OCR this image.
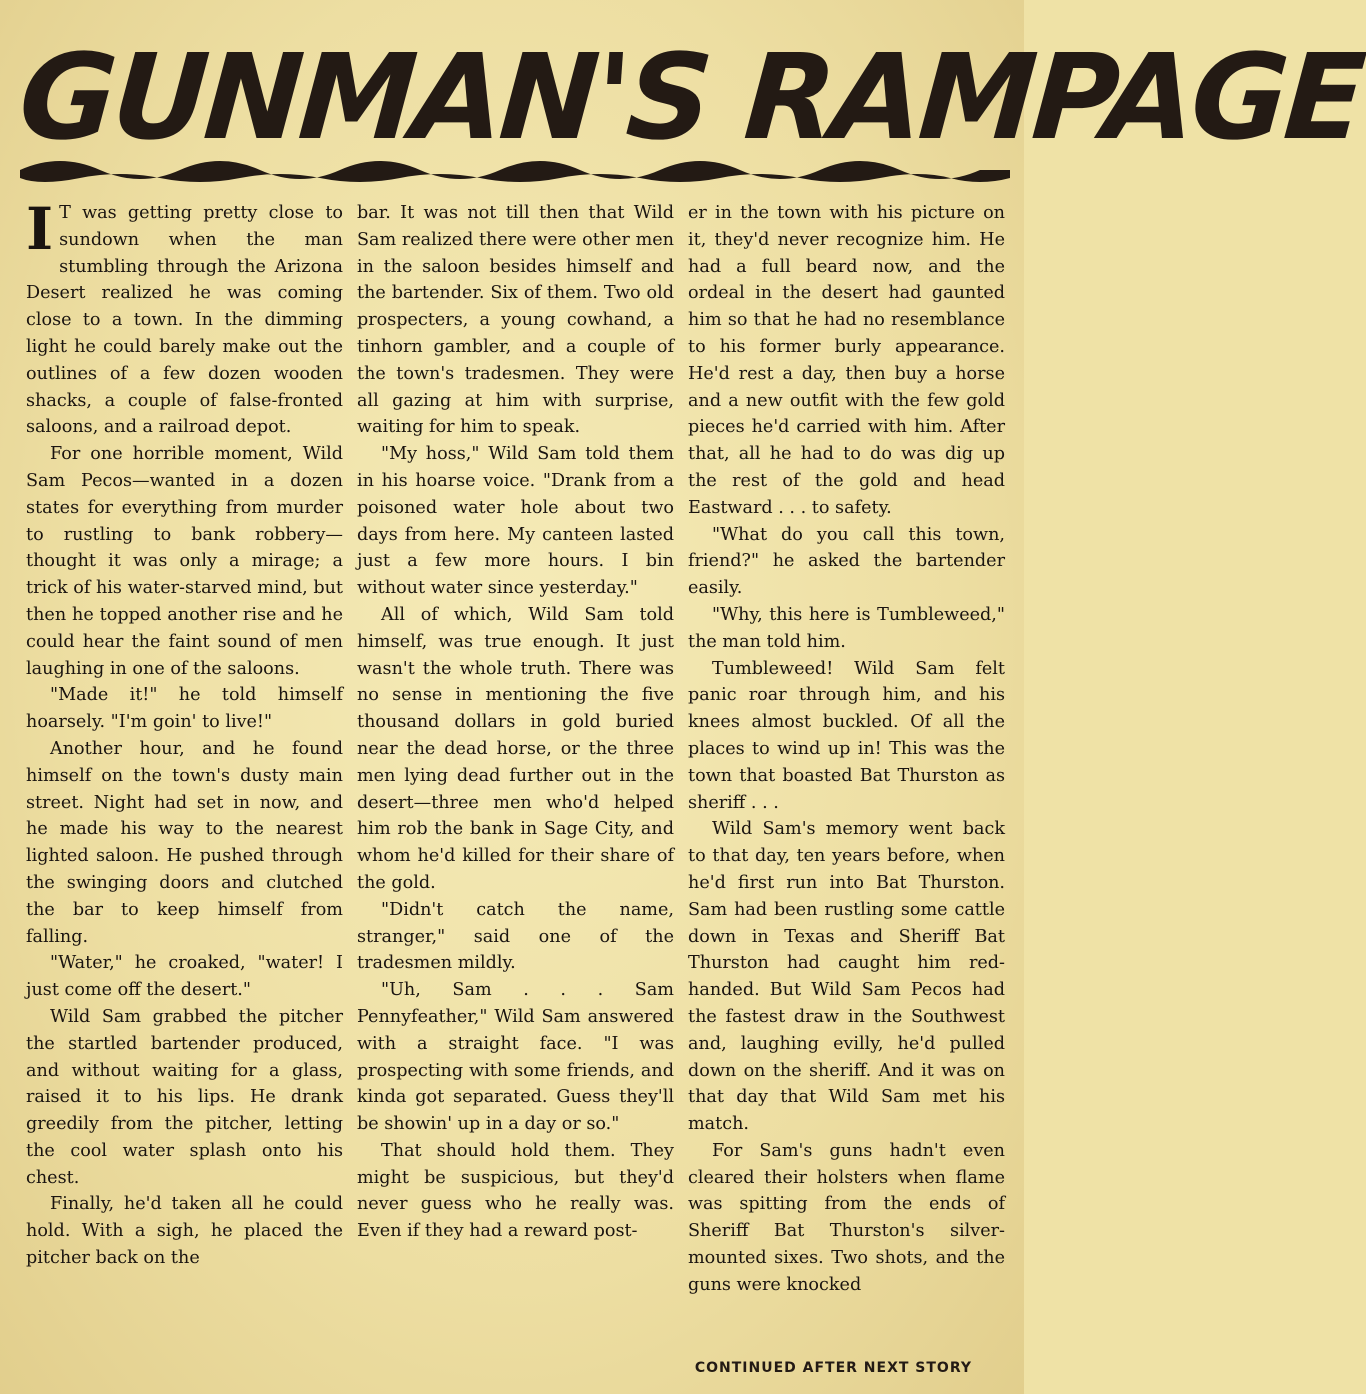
GUNMAN'S RAMPAGE

I T was getting pretty close to sundown when the man stumbling through the Arizona Desert realized he was coming close to a town. In the dimming light he could barely make out the outlines of a few dozen wooden shacks, a couple of false-fronted saloons, and a railroad depot.

For one horrible moment, Wild Sam Pecos—wanted in a dozen states for everything from murder to rustling to bank robbery—thought it was only a mirage; a trick of his water-starved mind, but then he topped another rise and he could hear the faint sound of men laughing in one of the saloons.

"Made it!" he told himself hoarsely. "I'm goin' to live!"

Another hour, and he found himself on the town's dusty main street. Night had set in now, and he made his way to the nearest lighted saloon. He pushed through the swinging doors and clutched the bar to keep himself from falling.

"Water," he croaked, "water! I just come off the desert."

Wild Sam grabbed the pitcher the startled bartender produced, and without waiting for a glass, raised it to his lips. He drank greedily from the pitcher, letting the cool water splash onto his chest.

Finally, he'd taken all he could hold. With a sigh, he placed the pitcher back on the

bar. It was not till then that Wild Sam realized there were other men in the saloon besides himself and the bartender. Six of them. Two old prospecters, a young cowhand, a tinhorn gambler, and a couple of the town's tradesmen. They were all gazing at him with surprise, waiting for him to speak.

"My hoss," Wild Sam told them in his hoarse voice. "Drank from a poisoned water hole about two days from here. My canteen lasted just a few more hours. I bin without water since yesterday."

All of which, Wild Sam told himself, was true enough. It just wasn't the whole truth. There was no sense in mentioning the five thousand dollars in gold buried near the dead horse, or the three men lying dead further out in the desert—three men who'd helped him rob the bank in Sage City, and whom he'd killed for their share of the gold.

"Didn't catch the name, stranger," said one of the tradesmen mildly.

"Uh, Sam . . . Sam Pennyfeather," Wild Sam answered with a straight face. "I was prospecting with some friends, and kinda got separated. Guess they'll be showin' up in a day or so."

That should hold them. They might be suspicious, but they'd never guess who he really was. Even if they had a reward post-

er in the town with his picture on it, they'd never recognize him. He had a full beard now, and the ordeal in the desert had gaunted him so that he had no resemblance to his former burly appearance. He'd rest a day, then buy a horse and a new outfit with the few gold pieces he'd carried with him. After that, all he had to do was dig up the rest of the gold and head Eastward . . . to safety.

"What do you call this town, friend?" he asked the bartender easily.

"Why, this here is Tumbleweed," the man told him.

Tumbleweed! Wild Sam felt panic roar through him, and his knees almost buckled. Of all the places to wind up in! This was the town that boasted Bat Thurston as sheriff . . .

Wild Sam's memory went back to that day, ten years before, when he'd first run into Bat Thurston. Sam had been rustling some cattle down in Texas and Sheriff Bat Thurston had caught him red-handed. But Wild Sam Pecos had the fastest draw in the Southwest and, laughing evilly, he'd pulled down on the sheriff. And it was on that day that Wild Sam met his match.

For Sam's guns hadn't even cleared their holsters when flame was spitting from the ends of Sheriff Bat Thurston's silver-mounted sixes. Two shots, and the guns were knocked

CONTINUED AFTER NEXT STORY
